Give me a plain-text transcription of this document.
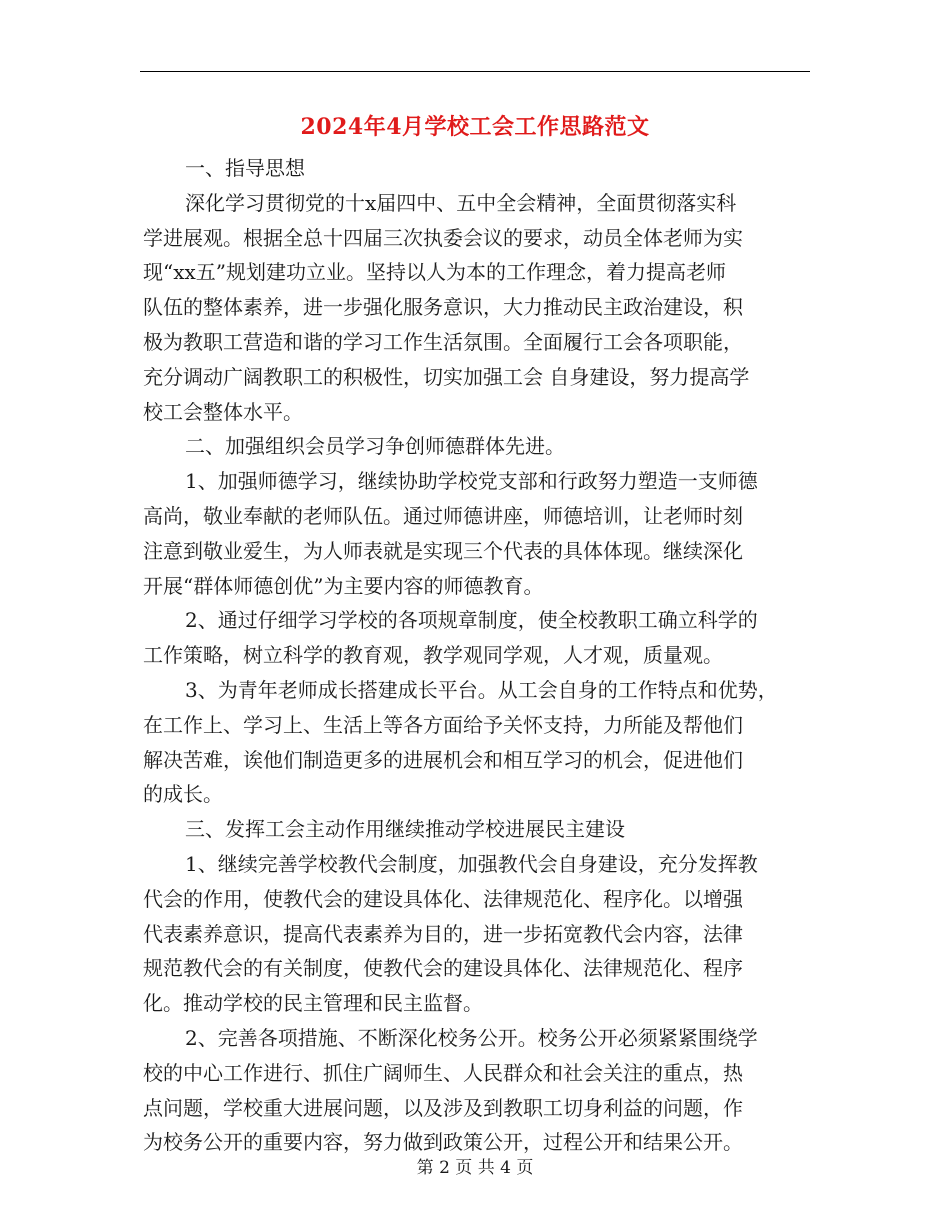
2024年4月学校工会工作思路范文
一、指导思想
深化学习贯彻党的十x届四中、五中全会精神，全面贯彻落实科
学进展观。根据全总十四届三次执委会议的要求，动员全体老师为实
现“xx五”规划建功立业。坚持以人为本的工作理念，着力提高老师
队伍的整体素养，进一步强化服务意识，大力推动民主政治建设，积
极为教职工营造和谐的学习工作生活氛围。全面履行工会各项职能，
充分调动广阔教职工的积极性，切实加强工会 自身建设，努力提高学
校工会整体水平。
二、加强组织会员学习争创师德群体先进。
1、加强师德学习，继续协助学校党支部和行政努力塑造一支师德
高尚，敬业奉献的老师队伍。通过师德讲座，师德培训，让老师时刻
注意到敬业爱生，为人师表就是实现三个代表的具体体现。继续深化
开展“群体师德创优”为主要内容的师德教育。
2、通过仔细学习学校的各项规章制度，使全校教职工确立科学的
工作策略，树立科学的教育观，教学观同学观，人才观，质量观。
3、为青年老师成长搭建成长平台。从工会自身的工作特点和优势，
在工作上、学习上、生活上等各方面给予关怀支持，力所能及帮他们
解决苦难，诶他们制造更多的进展机会和相互学习的机会，促进他们
的成长。
三、发挥工会主动作用继续推动学校进展民主建设
1、继续完善学校教代会制度，加强教代会自身建设，充分发挥教
代会的作用，使教代会的建设具体化、法律规范化、程序化。以增强
代表素养意识，提高代表素养为目的，进一步拓宽教代会内容，法律
规范教代会的有关制度，使教代会的建设具体化、法律规范化、程序
化。推动学校的民主管理和民主监督。
2、完善各项措施、不断深化校务公开。校务公开必须紧紧围绕学
校的中心工作进行、抓住广阔师生、人民群众和社会关注的重点，热
点问题，学校重大进展问题，以及涉及到教职工切身利益的问题，作
为校务公开的重要内容，努力做到政策公开，过程公开和结果公开。
第 2 页 共 4 页
